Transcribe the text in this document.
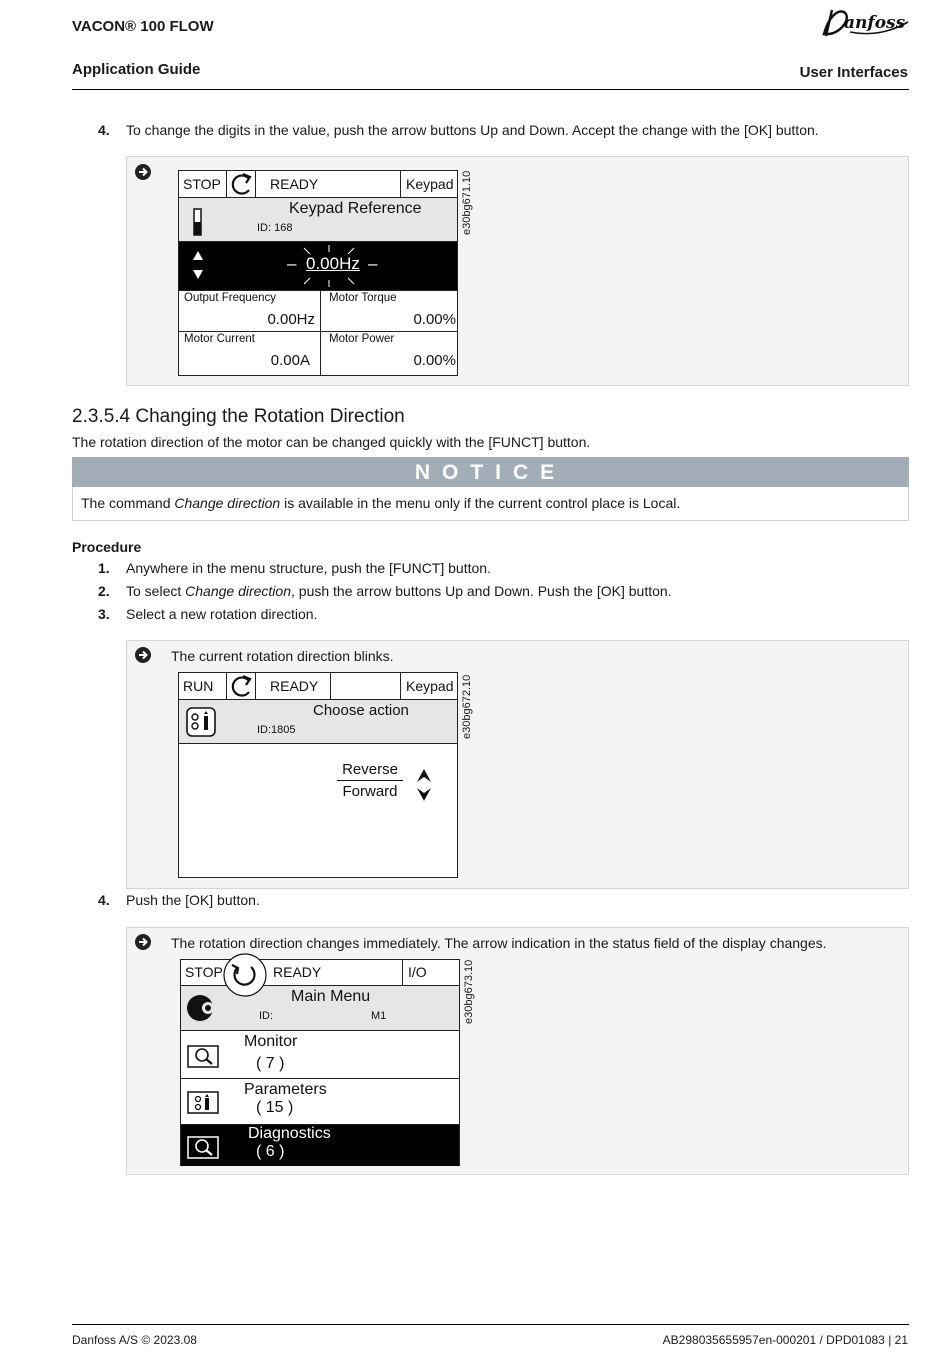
VACON® 100 FLOW
Application Guide	User Interfaces
anfoss
4. To change the digits in the value, push the arrow buttons Up and Down. Accept the change with the [OK] button.
STOP	READY	Keypad
Keypad Reference
ID: 168
– 0.00Hz –
Output Frequency
0.00Hz
Motor Torque
0.00%
Motor Current
0.00A
Motor Power
0.00%
e30bg671.10
2.3.5.4 Changing the Rotation Direction
The rotation direction of the motor can be changed quickly with the [FUNCT] button.
NOTICE
The command Change direction is available in the menu only if the current control place is Local.
Procedure
1. Anywhere in the menu structure, push the [FUNCT] button.
2. To select Change direction, push the arrow buttons Up and Down. Push the [OK] button.
3. Select a new rotation direction.
The current rotation direction blinks.
RUN	READY	Keypad
Choose action
ID:1805
Reverse
Forward
e30bg672.10
4. Push the [OK] button.
The rotation direction changes immediately. The arrow indication in the status field of the display changes.
STOP	READY	I/O
Main Menu
ID:	M1
Monitor
( 7 )
Parameters
( 15 )
Diagnostics
( 6 )
e30bg673.10
Danfoss A/S © 2023.08	AB298035655957en-000201 / DPD01083 | 21
